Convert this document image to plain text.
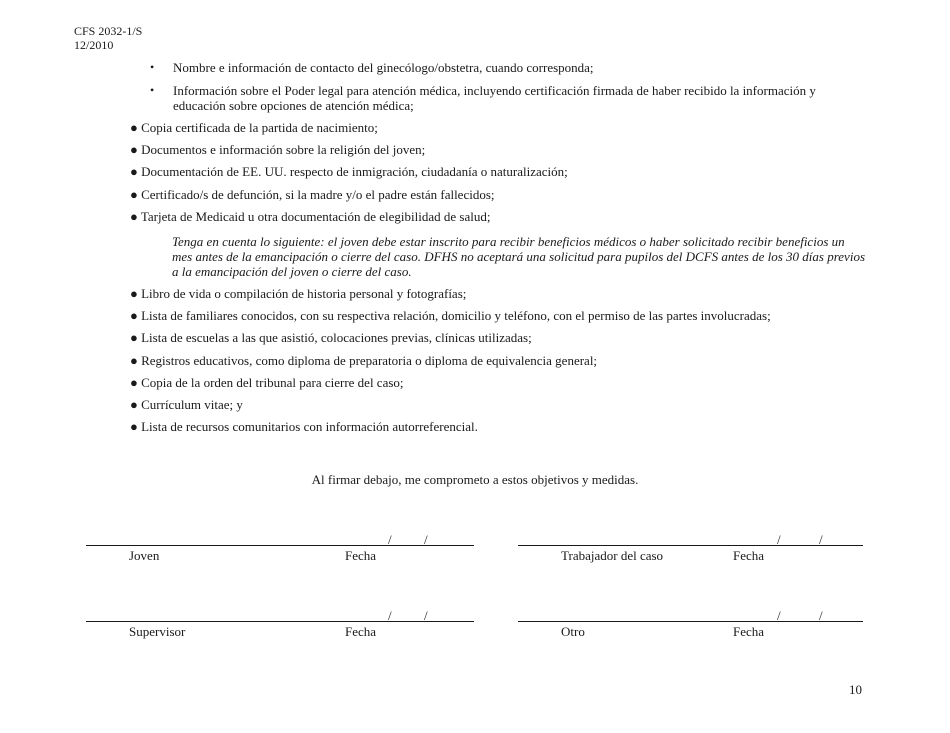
CFS 2032-1/S
12/2010
• Nombre e información de contacto del ginecólogo/obstetra, cuando corresponda;
• Información sobre el Poder legal para atención médica, incluyendo certificación firmada de haber recibido la información y educación sobre opciones de atención médica;
● Copia certificada de la partida de nacimiento;
● Documentos e información sobre la religión del joven;
● Documentación de EE. UU. respecto de inmigración, ciudadanía o naturalización;
● Certificado/s de defunción, si la madre y/o el padre están fallecidos;
● Tarjeta de Medicaid u otra documentación de elegibilidad de salud;
Tenga en cuenta lo siguiente: el joven debe estar inscrito para recibir beneficios médicos o haber solicitado recibir beneficios un mes antes de la emancipación o cierre del caso. DFHS no aceptará una solicitud para pupilos del DCFS antes de los 30 días previos a la emancipación del joven o cierre del caso.
● Libro de vida o compilación de historia personal y fotografías;
● Lista de familiares conocidos, con su respectiva relación, domicilio y teléfono, con el permiso de las partes involucradas;
● Lista de escuelas a las que asistió, colocaciones previas, clínicas utilizadas;
● Registros educativos, como diploma de preparatoria o diploma de equivalencia general;
● Copia de la orden del tribunal para cierre del caso;
● Currículum vitae; y
● Lista de recursos comunitarios con información autorreferencial.
Al firmar debajo, me comprometo a estos objetivos y medidas.
/ /
Joven	Fecha
/	/
Trabajador del caso	Fecha
/ /
Supervisor	Fecha
/	/
Otro	Fecha
10
